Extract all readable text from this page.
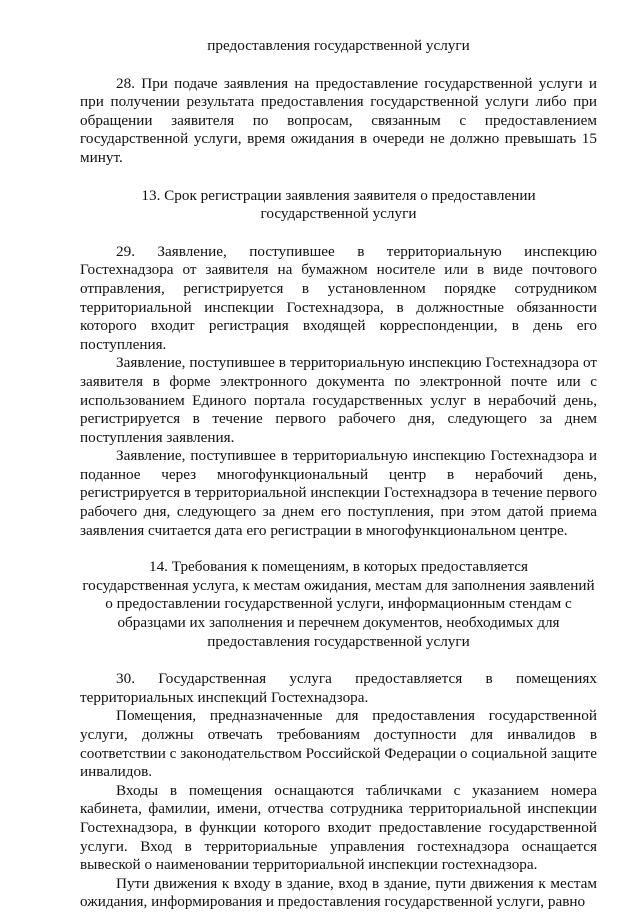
предоставления государственной услуги

28. При подаче заявления на предоставление государственной услуги и при получении результата предоставления государственной услуги либо при обращении заявителя по вопросам, связанным с предоставлением государственной услуги, время ожидания в очереди не должно превышать 15 минут.

13. Срок регистрации заявления заявителя о предоставлении

государственной услуги

29. Заявление, поступившее в территориальную инспекцию Гостехнадзора от заявителя на бумажном носителе или в виде почтового отправления, регистрируется в установленном порядке сотрудником территориальной инспекции Гостехнадзора, в должностные обязанности которого входит регистрация входящей корреспонденции, в день его поступления.

Заявление, поступившее в территориальную инспекцию Гостехнадзора от заявителя в форме электронного документа по электронной почте или с использованием Единого портала государственных услуг в нерабочий день, регистрируется в течение первого рабочего дня, следующего за днем поступления заявления.

Заявление, поступившее в территориальную инспекцию Гостехнадзора и поданное через многофункциональный центр в нерабочий день, регистрируется в территориальной инспекции Гостехнадзора в течение первого рабочего дня, следующего за днем его поступления, при этом датой приема заявления считается дата его регистрации в многофункциональном центре.

14. Требования к помещениям, в которых предоставляется

государственная услуга, к местам ожидания, местам для заполнения заявлений

о предоставлении государственной услуги, информационным стендам с

образцами их заполнения и перечнем документов, необходимых для

предоставления государственной услуги

30. Государственная услуга предоставляется в помещениях территориальных инспекций Гостехнадзора.

Помещения, предназначенные для предоставления государственной услуги, должны отвечать требованиям доступности для инвалидов в соответствии с законодательством Российской Федерации о социальной защите инвалидов.

Входы в помещения оснащаются табличками с указанием номера кабинета, фамилии, имени, отчества сотрудника территориальной инспекции Гостехнадзора, в функции которого входит предоставление государственной услуги. Вход в территориальные управления гостехнадзора оснащается вывеской о наименовании территориальной инспекции гостехнадзора.

Пути движения к входу в здание, вход в здание, пути движения к местам ожидания, информирования и предоставления государственной услуги, равно
